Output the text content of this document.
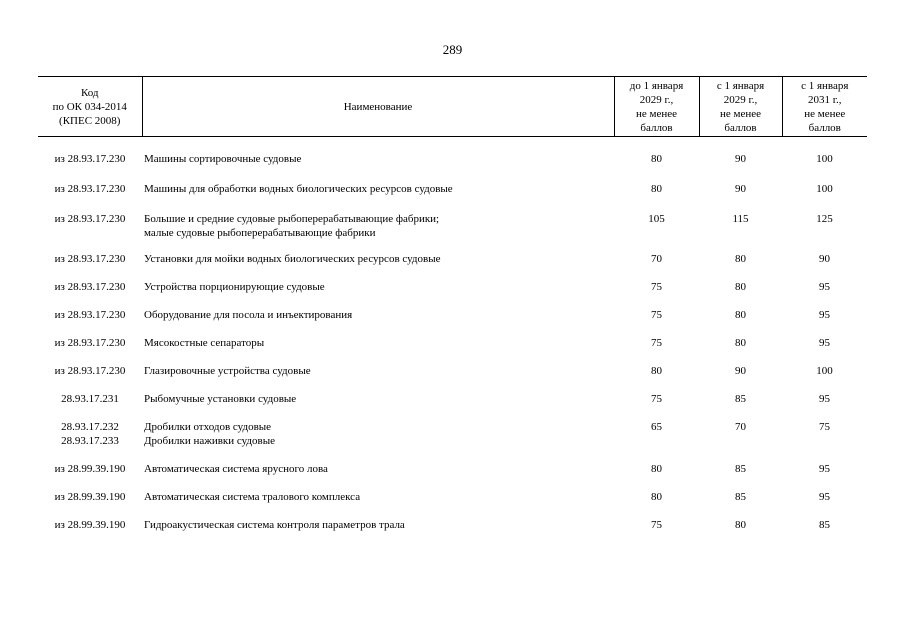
289
Код
по ОК 034-2014
(КПЕС 2008)	Наименование	до 1 января
2029 г.,
не менее
баллов	с 1 января
2029 г.,
не менее
баллов	с 1 января
2031 г.,
не менее
баллов

из 28.93.17.230	Машины сортировочные судовые	80	90	100

из 28.93.17.230	Машины для обработки водных биологических ресурсов судовые	80	90	100

из 28.93.17.230	Большие и средние судовые рыбоперерабатывающие фабрики;
малые судовые рыбоперерабатывающие фабрики	105	115	125

из 28.93.17.230	Установки для мойки водных биологических ресурсов судовые	70	80	90

из 28.93.17.230	Устройства порционирующие судовые	75	80	95

из 28.93.17.230	Оборудование для посола и инъектирования	75	80	95

из 28.93.17.230	Мясокостные сепараторы	75	80	95

из 28.93.17.230	Глазировочные устройства судовые	80	90	100

28.93.17.231	Рыбомучные установки судовые	75	85	95

28.93.17.232
28.93.17.233	Дробилки отходов судовые
Дробилки наживки судовые	65	70	75

из 28.99.39.190	Автоматическая система ярусного лова	80	85	95

из 28.99.39.190	Автоматическая система тралового комплекса	80	85	95

из 28.99.39.190	Гидроакустическая система контроля параметров трала	75	80	85
